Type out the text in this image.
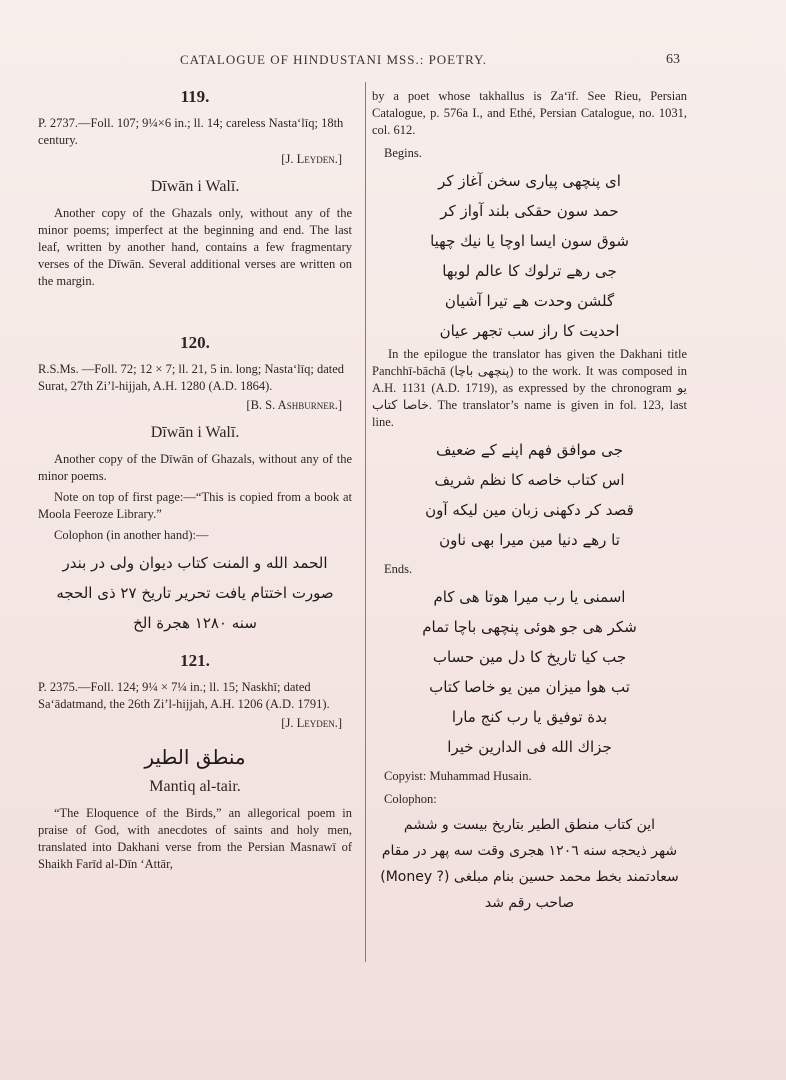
CATALOGUE OF HINDUSTANI MSS.: POETRY.	63
119.

P. 2737.—Foll. 107; 9¼×6 in.; ll. 14; careless Nasta‘līq; 18th century.

[J. Leyden.]
Dīwān i Walī.

Another copy of the Ghazals only, without any of the minor poems; imperfect at the beginning and end. The last leaf, written by another hand, contains a few fragmentary verses of the Dīwān. Several additional verses are written on the margin.

120.

R.S.Ms. —Foll. 72; 12 × 7; ll. 21, 5 in. long; Nasta‘līq; dated Surat, 27th Zi’l-hijjah, A.H. 1280 (A.D. 1864).

[B. S. Ashburner.]
Dīwān i Walī.

Another copy of the Dīwān of Ghazals, without any of the minor poems.

Note on top of first page:—“This is copied from a book at Moola Feeroze Library.”

Colophon (in another hand):—

الحمد الله و المنت كتاب ديوان ولى در بندر

صورت اختتام يافت تحرير تاريخ ٢٧ ذى الحجه

سنه ١٢٨٠ هجرة الخ

121.

P. 2375.—Foll. 124; 9¼ × 7¼ in.; ll. 15; Naskhī; dated Sa‘ādatmand, the 26th Zi’l-hijjah, A.H. 1206 (A.D. 1791).

[J. Leyden.]
منطق الطير
Mantiq al-tair.

“The Eloquence of the Birds,” an allegorical poem in praise of God, with anecdotes of saints and holy men, translated into Dakhani verse from the Persian Masnawī of Shaikh Farīd al-Dīn ‘Attār,

by a poet whose takhallus is Za‘īf. See Rieu, Persian Catalogue, p. 576a I., and Ethé, Persian Catalogue, no. 1031, col. 612.

Begins.

اى پنچهى پيارى سخن آغاز كر

حمد سون حقكى بلند آواز كر

شوق سون ايسا اوچا يا نيك چهيا

جى رهے ترلوك كا عالم لوبها

گلشن وحدت هے تيرا آشيان

احديت كا راز سب تجهر عيان

In the epilogue the translator has given the Dakhani title Panchhī-bāchā (پنچهى باچا) to the work. It was composed in A.H. 1131 (A.D. 1719), as expressed by the chronogram يو خاصا كتاب. The translator’s name is given in fol. 123, last line.

جى موافق فهم اپنے كے ضعيف

اس كتاب خاصه كا نظم شريف

قصد كر دكهنى زبان مين ليكه آون

تا رهے دنيا مين ميرا بهى ناون

Ends.

اسمنى يا رب ميرا هوتا هى كام

شكر هى جو هوئى پنچهى باچا تمام

جب كيا تاريخ كا دل مين حساب

تب هوا ميزان مين يو خاصا كتاب

بدة توفيق يا رب كنج مارا

جزاك الله فى الدارين خيرا

Copyist: Muhammad Husain.

Colophon:

اين كتاب منطق الطير بتاريخ بيست و ششم

شهر ذيحجه سنه ١٢٠٦ هجرى وقت سه پهر در مقام

سعادتمند بخط محمد حسين بنام مبلغى (? Money)

صاحب رقم شد
